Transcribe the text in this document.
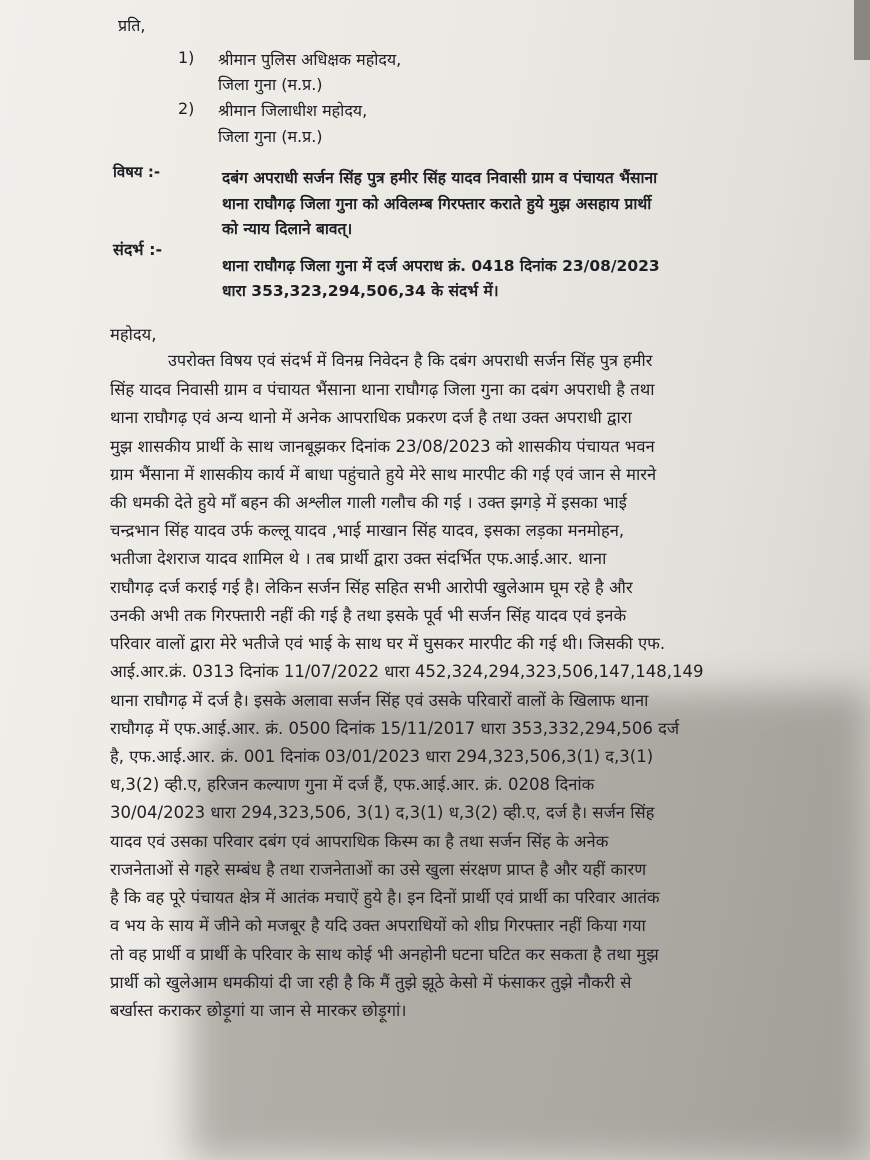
प्रति,
1) श्रीमान पुलिस अधिक्षक महोदय,
जिला गुना (म.प्र.)
2) श्रीमान जिलाधीश महोदय,
जिला गुना (म.प्र.)
विषय :-	दबंग अपराधी सर्जन सिंह पुत्र हमीर सिंह यादव निवासी ग्राम व पंचायत भैंसाना
थाना राघौगढ़ जिला गुना को अविलम्ब गिरफ्तार कराते हुये मुझ असहाय प्रार्थी
को न्याय दिलाने बावत्।
संदर्भ :-
थाना राघौगढ़ जिला गुना में दर्ज अपराध क्रं. 0418 दिनांक 23/08/2023
धारा 353,323,294,506,34 के संदर्भ में।
महोदय,
उपरोक्त विषय एवं संदर्भ में विनम्र निवेदन है कि दबंग अपराधी सर्जन सिंह पुत्र हमीर
सिंह यादव निवासी ग्राम व पंचायत भैंसाना थाना राघौगढ़ जिला गुना का दबंग अपराधी है तथा
थाना राघौगढ़ एवं अन्य थानो में अनेक आपराधिक प्रकरण दर्ज है तथा उक्त अपराधी द्वारा
मुझ शासकीय प्रार्थी के साथ जानबूझकर दिनांक 23/08/2023 को शासकीय पंचायत भवन
ग्राम भैंसाना में शासकीय कार्य में बाधा पहुंचाते हुये मेरे साथ मारपीट की गई एवं जान से मारने
की धमकी देते हुये माँ बहन की अश्लील गाली गलौच की गई । उक्त झगड़े में इसका भाई
चन्द्रभान सिंह यादव उर्फ कल्लू यादव ,भाई माखान सिंह यादव, इसका लड़का मनमोहन,
भतीजा देशराज यादव शामिल थे । तब प्रार्थी द्वारा उक्त संदर्भित एफ.आई.आर. थाना
राघौगढ़ दर्ज कराई गई है। लेकिन सर्जन सिंह सहित सभी आरोपी खुलेआम घूम रहे है और
उनकी अभी तक गिरफ्तारी नहीं की गई है तथा इसके पूर्व भी सर्जन सिंह यादव एवं इनके
परिवार वालों द्वारा मेरे भतीजे एवं भाई के साथ घर में घुसकर मारपीट की गई थी। जिसकी एफ.
आई.आर.क्रं. 0313 दिनांक 11/07/2022 धारा 452,324,294,323,506,147,148,149
थाना राघौगढ़ में दर्ज है। इसके अलावा सर्जन सिंह एवं उसके परिवारों वालों के खिलाफ थाना
राघौगढ़ में एफ.आई.आर. क्रं. 0500 दिनांक 15/11/2017 धारा 353,332,294,506 दर्ज
है, एफ.आई.आर. क्रं. 001 दिनांक 03/01/2023 धारा 294,323,506,3(1) द,3(1)
ध,3(2) व्ही.ए, हरिजन कल्याण गुना में दर्ज हैं, एफ.आई.आर. क्रं. 0208 दिनांक
30/04/2023 धारा 294,323,506, 3(1) द,3(1) ध,3(2) व्ही.ए, दर्ज है। सर्जन सिंह
यादव एवं उसका परिवार दबंग एवं आपराधिक किस्म का है तथा सर्जन सिंह के अनेक
राजनेताओं से गहरे सम्बंध है तथा राजनेताओं का उसे खुला संरक्षण प्राप्त है और यहीं कारण
है कि वह पूरे पंचायत क्षेत्र में आतंक मचाऐं हुये है। इन दिनों प्रार्थी एवं प्रार्थी का परिवार आतंक
व भय के साय में जीने को मजबूर है यदि उक्त अपराधियों को शीघ्र गिरफ्तार नहीं किया गया
तो वह प्रार्थी व प्रार्थी के परिवार के साथ कोई भी अनहोनी घटना घटित कर सकता है तथा मुझ
प्रार्थी को खुलेआम धमकीयां दी जा रही है कि मैं तुझे झूठे केसो में फंसाकर तुझे नौकरी से
बर्खास्त कराकर छोड़ूगां या जान से मारकर छोड़ूगां।
